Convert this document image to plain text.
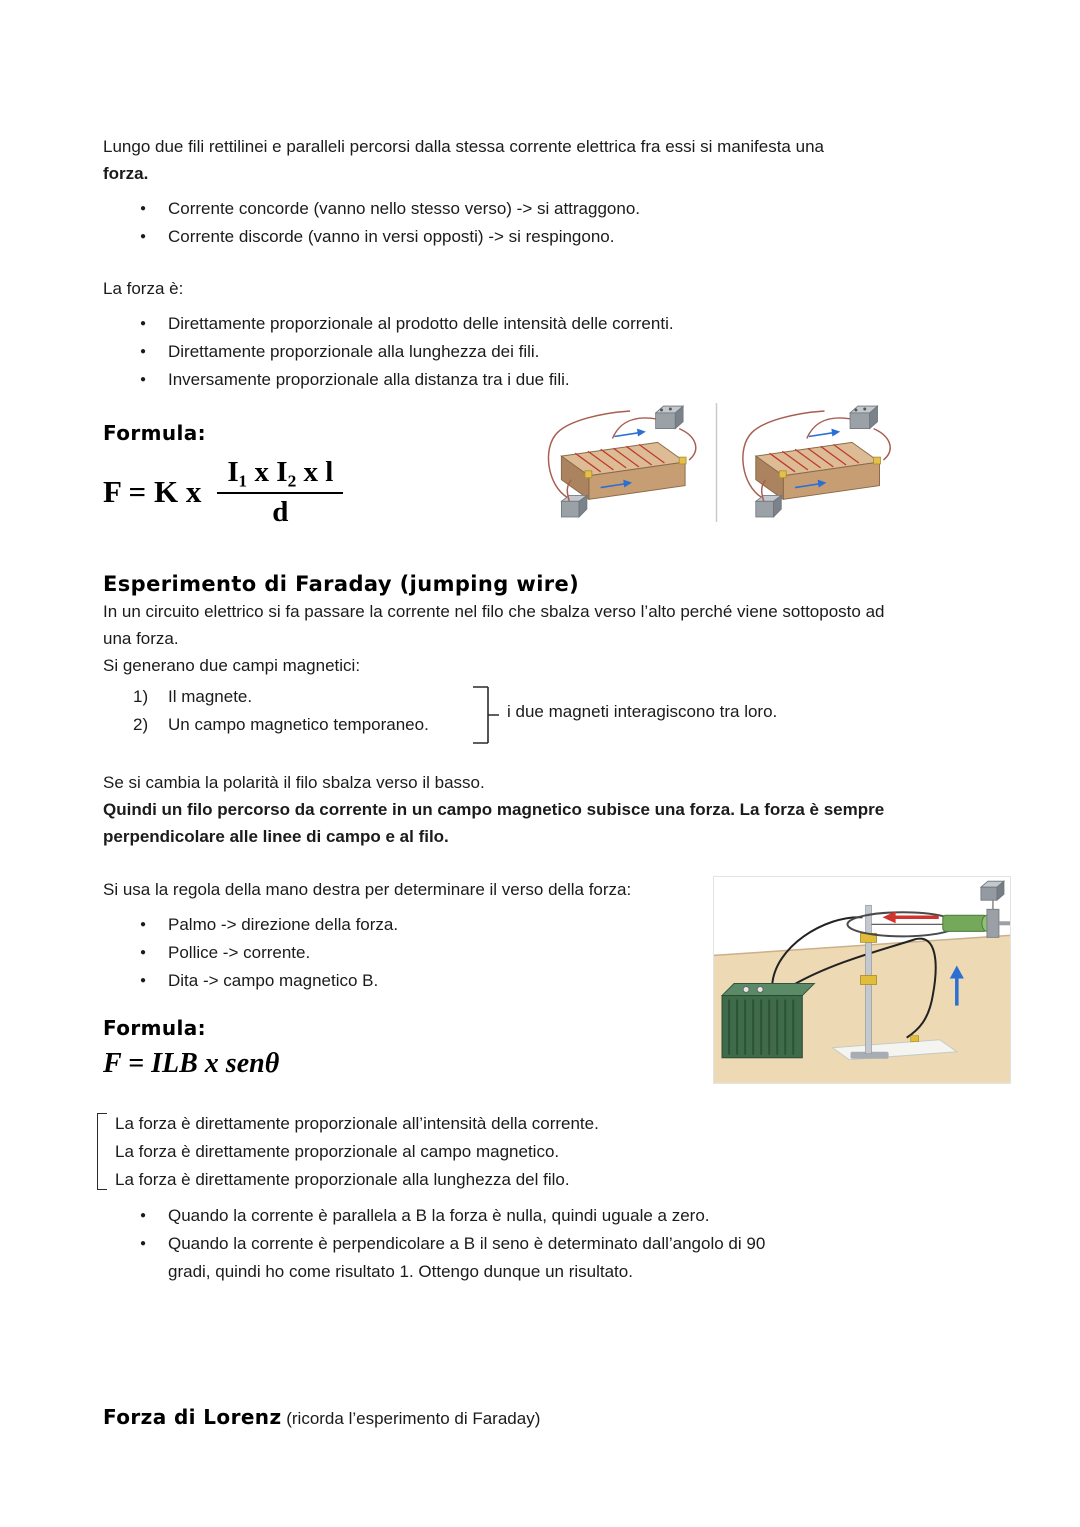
Lungo due fili rettilinei e paralleli percorsi dalla stessa corrente elettrica fra essi si manifesta una
forza.

● Corrente concorde (vanno nello stesso verso) -> si attraggono.
● Corrente discorde (vanno in versi opposti) -> si respingono.

La forza è:

● Direttamente proporzionale al prodotto delle intensità delle correnti.
● Direttamente proporzionale alla lunghezza dei fili.
● Inversamente proporzionale alla distanza tra i due fili.
Formula:
F = K x $\frac{\text{I₁ x I₂ x l}}{d}$
Esperimento di Faraday (jumping wire)

In un circuito elettrico si fa passare la corrente nel filo che sbalza verso l’alto perché viene sottoposto ad una forza.

Si generano due campi magnetici:

1)	Il magnete.
2)	Un campo magnetico temporaneo.
i due magneti interagiscono tra loro.

Se si cambia la polarità il filo sbalza verso il basso.

Quindi un filo percorso da corrente in un campo magnetico subisce una forza. La forza è sempre perpendicolare alle linee di campo e al filo.

Si usa la regola della mano destra per determinare il verso della forza:

● Palmo -> direzione della forza.
● Pollice -> corrente.
● Dita -> campo magnetico B.
Formula:
F = ILB x senθ
La forza è direttamente proporzionale all’intensità della corrente.
La forza è direttamente proporzionale al campo magnetico.
La forza è direttamente proporzionale alla lunghezza del filo.
● Quando la corrente è parallela a B la forza è nulla, quindi uguale a zero.
● Quando la corrente è perpendicolare a B il seno è determinato dall’angolo di 90 gradi, quindi ho come risultato 1. Ottengo dunque un risultato.

Forza di Lorenz (ricorda l’esperimento di Faraday)
